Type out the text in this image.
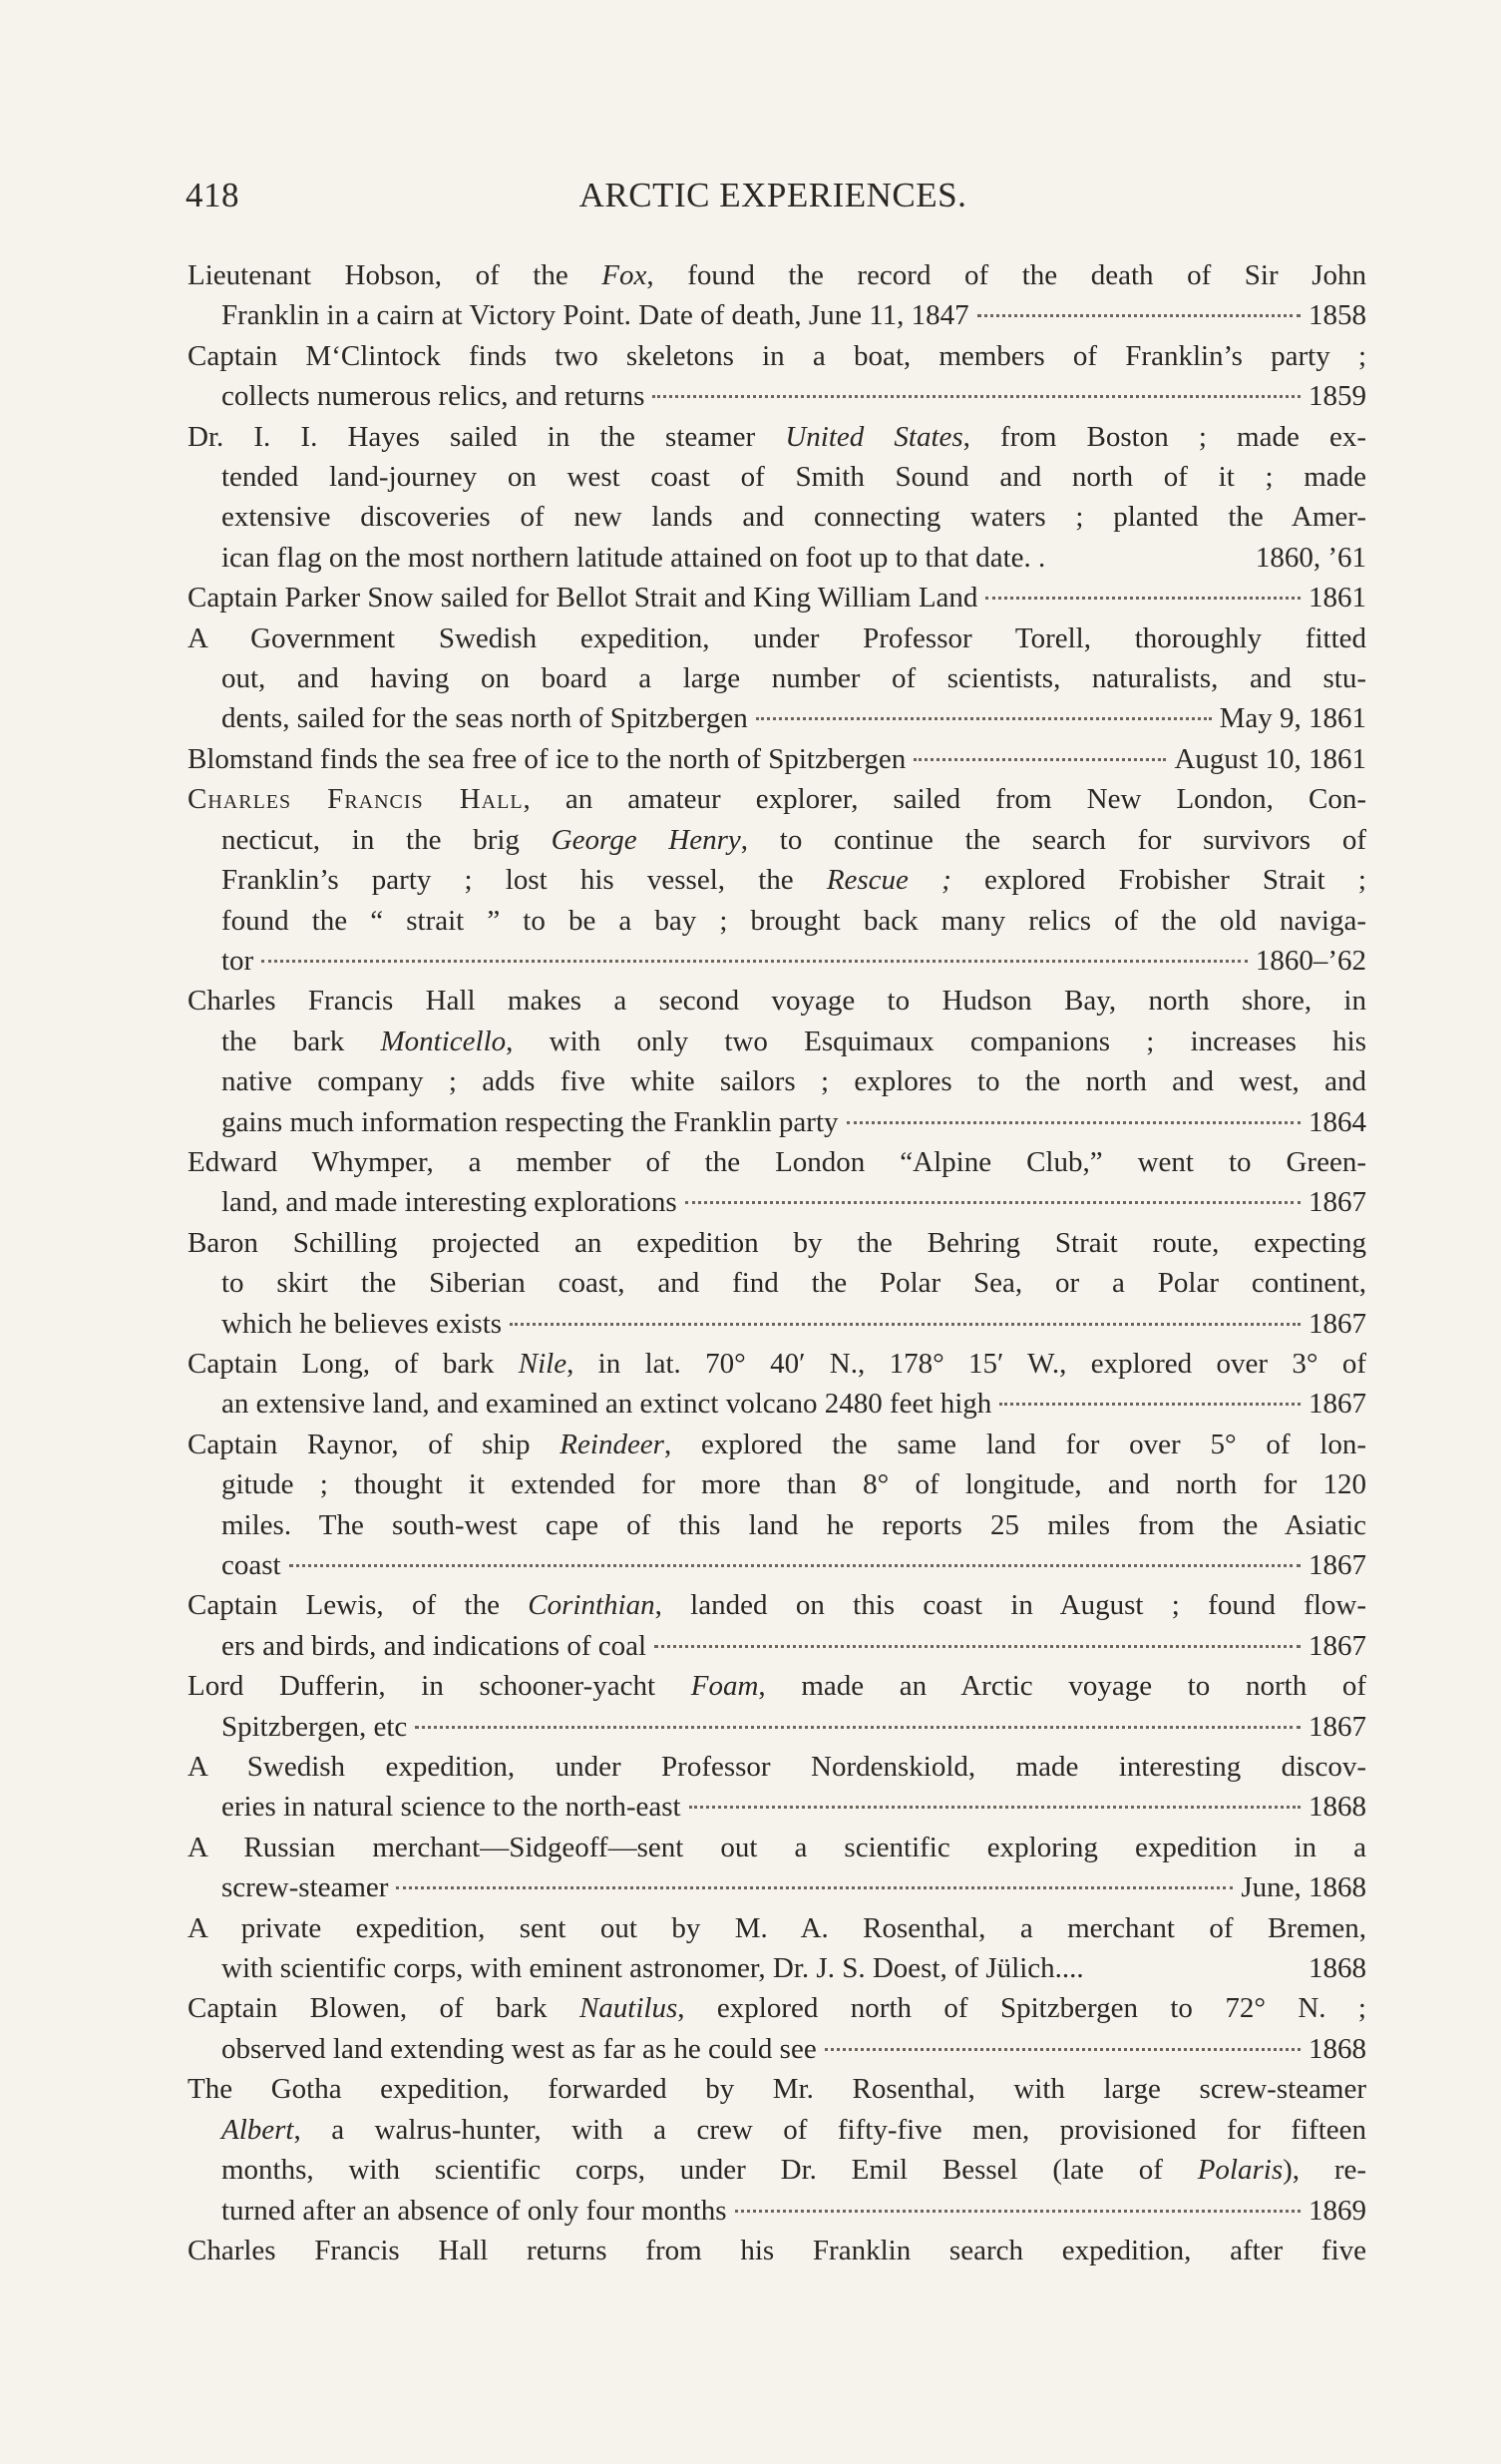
418	ARCTIC EXPERIENCES.
Lieutenant Hobson, of the Fox, found the record of the death of Sir John
Franklin in a cairn at Victory Point. Date of death, June 11, 1847	1858
Captain M‘Clintock finds two skeletons in a boat, members of Franklin’s party ;
collects numerous relics, and returns	1859
Dr. I. I. Hayes sailed in the steamer United States, from Boston ; made ex-
tended land-journey on west coast of Smith Sound and north of it ; made
extensive discoveries of new lands and connecting waters ; planted the Amer-
ican flag on the most northern latitude attained on foot up to that date. .	1860, ’61
Captain Parker Snow sailed for Bellot Strait and King William Land	1861
A Government Swedish expedition, under Professor Torell, thoroughly fitted
out, and having on board a large number of scientists, naturalists, and stu-
dents, sailed for the seas north of Spitzbergen	May 9, 1861
Blomstand finds the sea free of ice to the north of Spitzbergen	August 10, 1861
Charles Francis Hall, an amateur explorer, sailed from New London, Con-
necticut, in the brig George Henry, to continue the search for survivors of
Franklin’s party ; lost his vessel, the Rescue ; explored Frobisher Strait ;
found the “ strait ” to be a bay ; brought back many relics of the old naviga-
tor	1860–’62
Charles Francis Hall makes a second voyage to Hudson Bay, north shore, in
the bark Monticello, with only two Esquimaux companions ; increases his
native company ; adds five white sailors ; explores to the north and west, and
gains much information respecting the Franklin party	1864
Edward Whymper, a member of the London “Alpine Club,” went to Green-
land, and made interesting explorations	1867
Baron Schilling projected an expedition by the Behring Strait route, expecting
to skirt the Siberian coast, and find the Polar Sea, or a Polar continent,
which he believes exists	1867
Captain Long, of bark Nile, in lat. 70° 40′ N., 178° 15′ W., explored over 3° of
an extensive land, and examined an extinct volcano 2480 feet high	1867
Captain Raynor, of ship Reindeer, explored the same land for over 5° of lon-
gitude ; thought it extended for more than 8° of longitude, and north for 120
miles. The south-west cape of this land he reports 25 miles from the Asiatic
coast	1867
Captain Lewis, of the Corinthian, landed on this coast in August ; found flow-
ers and birds, and indications of coal	1867
Lord Dufferin, in schooner-yacht Foam, made an Arctic voyage to north of
Spitzbergen, etc	1867
A Swedish expedition, under Professor Nordenskiold, made interesting discov-
eries in natural science to the north-east	1868
A Russian merchant—Sidgeoff—sent out a scientific exploring expedition in a
screw-steamer	June, 1868
A private expedition, sent out by M. A. Rosenthal, a merchant of Bremen,
with scientific corps, with eminent astronomer, Dr. J. S. Doest, of Jülich....	1868
Captain Blowen, of bark Nautilus, explored north of Spitzbergen to 72° N. ;
observed land extending west as far as he could see	1868
The Gotha expedition, forwarded by Mr. Rosenthal, with large screw-steamer
Albert, a walrus-hunter, with a crew of fifty-five men, provisioned for fifteen
months, with scientific corps, under Dr. Emil Bessel (late of Polaris), re-
turned after an absence of only four months	1869
Charles Francis Hall returns from his Franklin search expedition, after five
